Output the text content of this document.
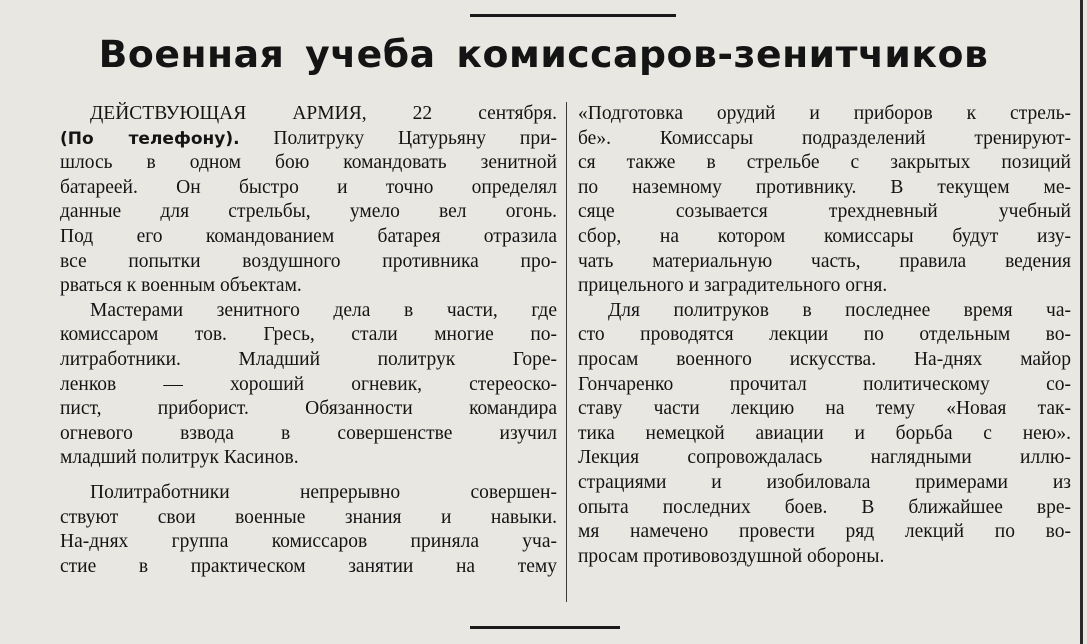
Военная учеба комиссаров-зенитчиков
ДЕЙСТВУЮЩАЯ АРМИЯ, 22 сентября.
(По телефону). Политруку Цатурьяну при-
шлось в одном бою командовать зенитной
батареей. Он быстро и точно определял
данные для стрельбы, умело вел огонь.
Под его командованием батарея отразила
все попытки воздушного противника про-
рваться к военным объектам.
Мастерами зенитного дела в части, где
комиссаром тов. Гресь, стали многие по-
литработники. Младший политрук Горе-
ленков — хороший огневик, стереоско-
пист, приборист. Обязанности командира
огневого взвода в совершенстве изучил
младший политрук Касинов.
Политработники непрерывно совершен-
ствуют свои военные знания и навыки.
На-днях группа комиссаров приняла уча-
стие в практическом занятии на тему
«Подготовка орудий и приборов к стрель-
бе». Комиссары подразделений тренируют-
ся также в стрельбе с закрытых позиций
по наземному противнику. В текущем ме-
сяце созывается трехдневный учебный
сбор, на котором комиссары будут изу-
чать материальную часть, правила ведения
прицельного и заградительного огня.
Для политруков в последнее время ча-
сто проводятся лекции по отдельным во-
просам военного искусства. На-днях майор
Гончаренко прочитал политическому со-
ставу части лекцию на тему «Новая так-
тика немецкой авиации и борьба с нею».
Лекция сопровождалась наглядными иллю-
страциями и изобиловала примерами из
опыта последних боев. В ближайшее вре-
мя намечено провести ряд лекций по во-
просам противовоздушной обороны.
